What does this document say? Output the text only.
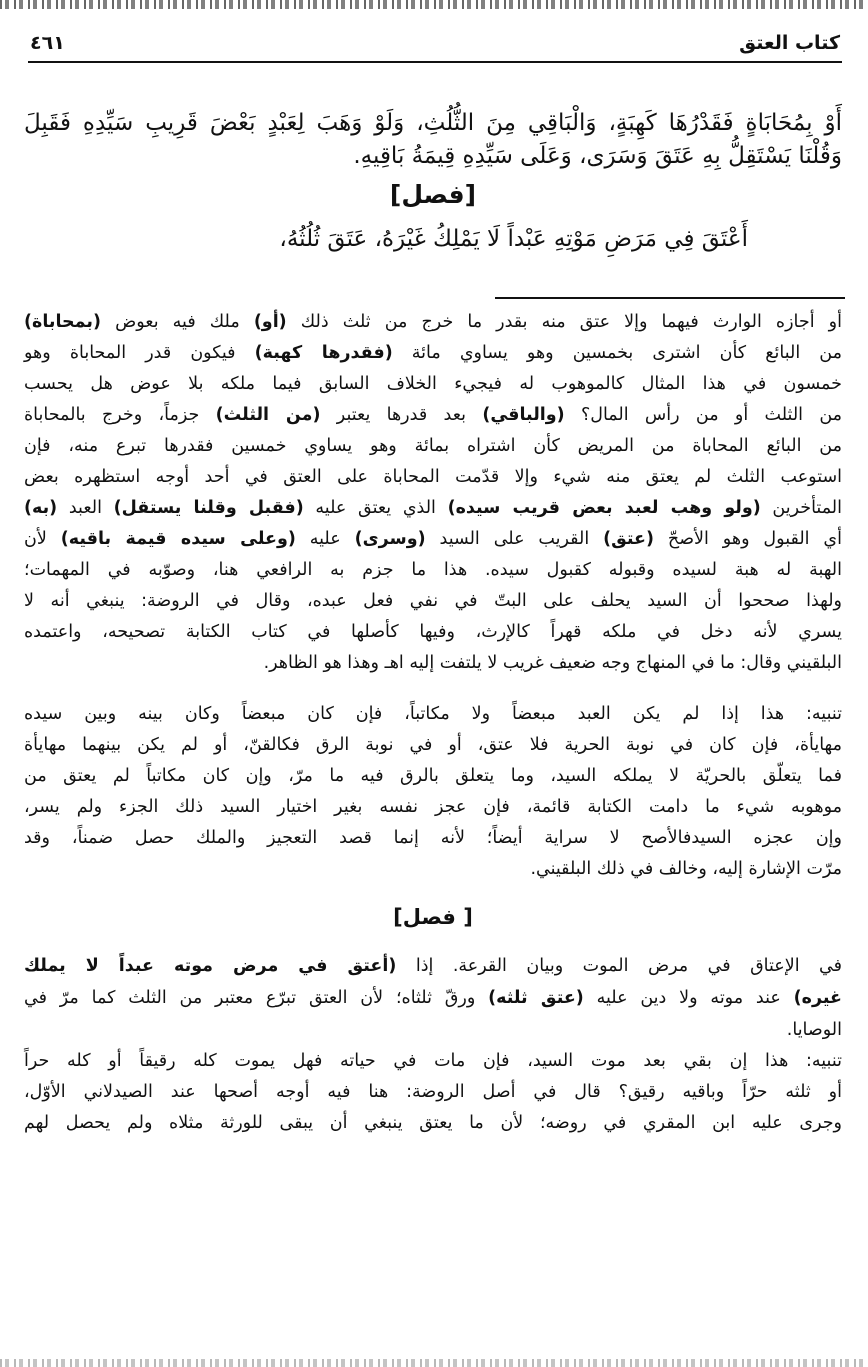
كتاب العتق
٤٦١
أَوْ بِمُحَابَاةٍ فَقَدْرُهَا كَهِبَةٍ، وَالْبَاقِي مِنَ الثُّلُثِ، وَلَوْ وَهَبَ لِعَبْدٍ بَعْضَ قَرِيبِ سَيِّدِهِ فَقَبِلَ
وَقُلْنَا يَسْتَقِلُّ بِهِ عَتَقَ وَسَرَى، وَعَلَى سَيِّدِهِ قِيمَةُ بَاقِيهِ.
[فصل]
أَعْتَقَ فِي مَرَضِ مَوْتِهِ عَبْداً لَا يَمْلِكُ غَيْرَهُ، عَتَقَ ثُلُثُهُ،
أو أجازه الوارث فيهما وإلا عتق منه بقدر ما خرج من ثلث ذلك (أو) ملك فيه بعوض (بمحاباة)
من البائع كأن اشترى بخمسين وهو يساوي مائة (فقدرها كهبة) فيكون قدر المحاباة وهو
خمسون في هذا المثال كالموهوب له فيجيء الخلاف السابق فيما ملكه بلا عوض هل يحسب
من الثلث أو من رأس المال؟ (والباقي) بعد قدرها يعتبر (من الثلث) جزماً، وخرج بالمحاباة
من البائع المحاباة من المريض كأن اشتراه بمائة وهو يساوي خمسين فقدرها تبرع منه، فإن
استوعب الثلث لم يعتق منه شيء وإلا قدّمت المحاباة على العتق في أحد أوجه استظهره بعض
المتأخرين (ولو وهب لعبد بعض قريب سيده) الذي يعتق عليه (فقبل وقلنا يستقل) العبد (به)
أي القبول وهو الأصحّ (عتق) القريب على السيد (وسرى) عليه (وعلى سيده قيمة باقيه) لأن
الهبة له هبة لسيده وقبوله كقبول سيده. هذا ما جزم به الرافعي هنا، وصوّبه في المهمات؛
ولهذا صححوا أن السيد يحلف على البتّ في نفي فعل عبده، وقال في الروضة: ينبغي أنه لا
يسري لأنه دخل في ملكه قهراً كالإرث، وفيها كأصلها في كتاب الكتابة تصحيحه، واعتمده
البلقيني وقال: ما في المنهاج وجه ضعيف غريب لا يلتفت إليه اهـ وهذا هو الظاهر.
تنبيه: هذا إذا لم يكن العبد مبعضاً ولا مكاتباً، فإن كان مبعضاً وكان بينه وبين سيده
مهايأة، فإن كان في نوبة الحرية فلا عتق، أو في نوبة الرق فكالقنّ، أو لم يكن بينهما مهايأة
فما يتعلّق بالحريّة لا يملكه السيد، وما يتعلق بالرق فيه ما مرّ، وإن كان مكاتباً لم يعتق من
موهوبه شيء ما دامت الكتابة قائمة، فإن عجز نفسه بغير اختيار السيد ذلك الجزء ولم يسر،
وإن عجزه السيدفالأصح لا سراية أيضاً؛ لأنه إنما قصد التعجيز والملك حصل ضمناً، وقد
مرّت الإشارة إليه، وخالف في ذلك البلقيني.
في الإعتاق في مرض الموت وبيان القرعة. إذا (أعتق في مرض موته عبداً لا يملك
غيره) عند موته ولا دين عليه (عتق ثلثه) ورقّ ثلثاه؛ لأن العتق تبرّع معتبر من الثلث كما مرّ في
الوصايا.
تنبيه: هذا إن بقي بعد موت السيد، فإن مات في حياته فهل يموت كله رقيقاً أو كله حراً
أو ثلثه حرّاً وباقيه رقيق؟ قال في أصل الروضة: هنا فيه أوجه أصحها عند الصيدلاني الأوّل،
وجرى عليه ابن المقري في روضه؛ لأن ما يعتق ينبغي أن يبقى للورثة مثلاه ولم يحصل لهم
[ فصل]
